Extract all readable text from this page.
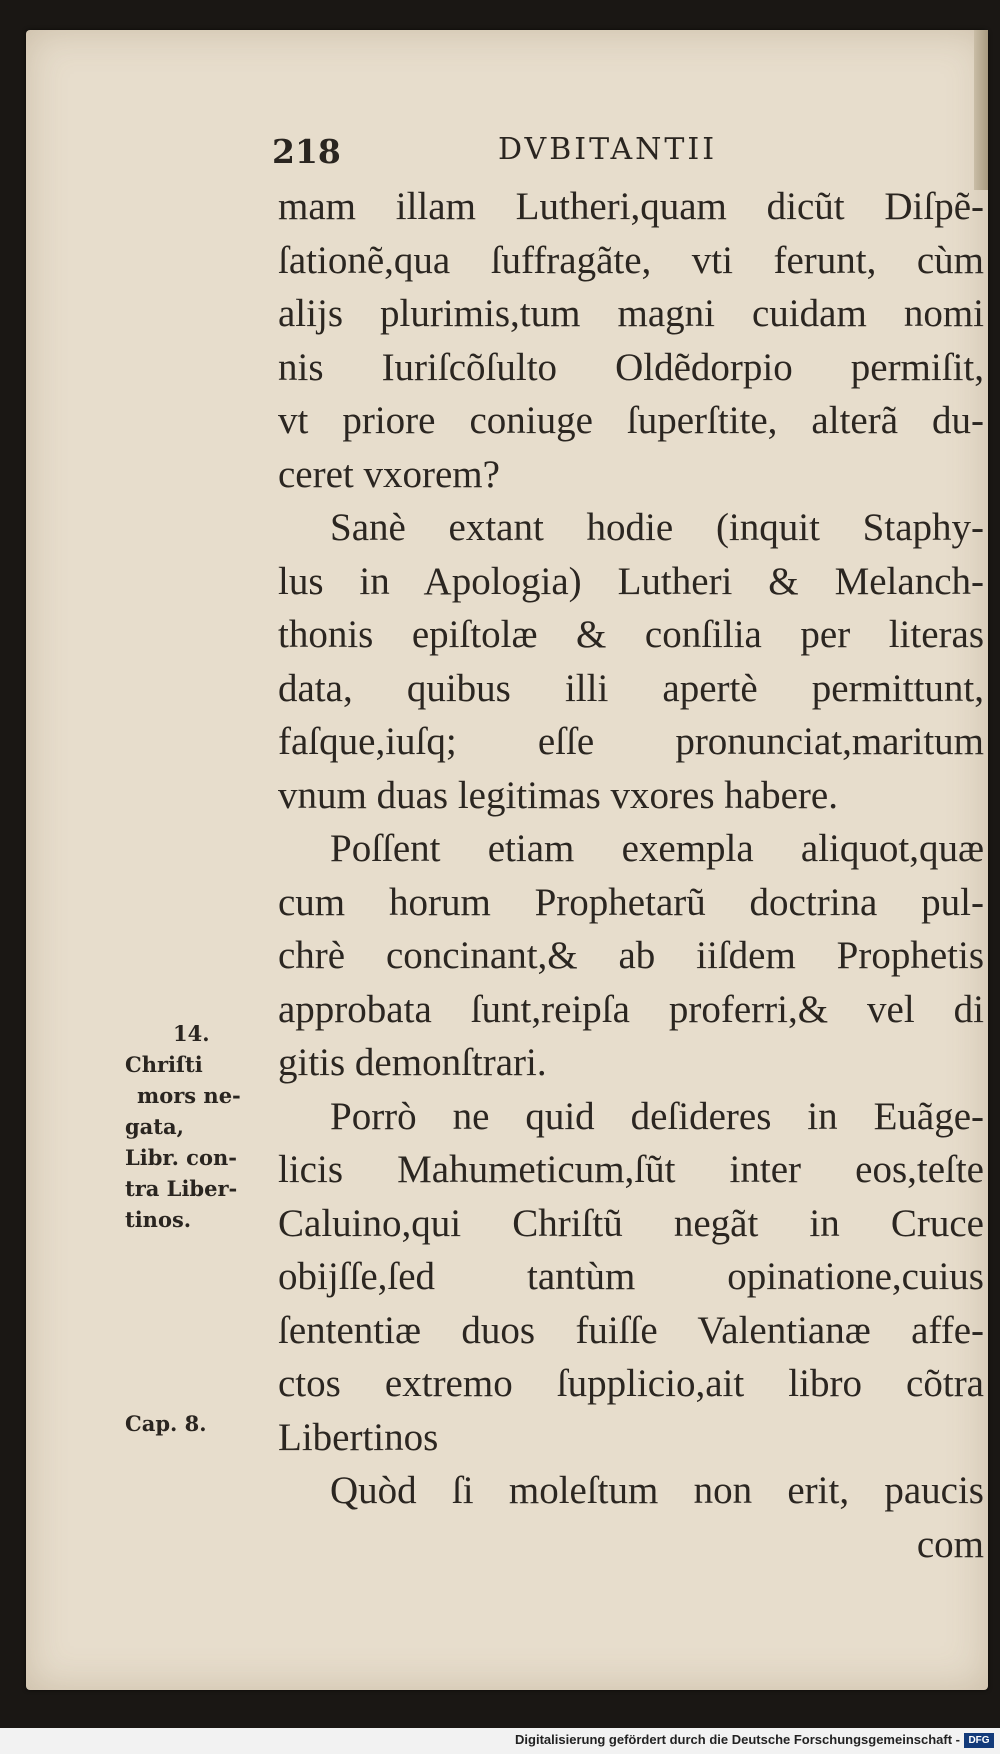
218	DVBITANTII
mam illam Lutheri,quam dicũt Diſpẽ-
ſationẽ,qua ſuffragãte, vti ferunt, cùm
alijs plurimis,tum magni cuidam nomi
nis Iuriſcõſulto Oldẽdorpio permiſit,
vt priore coniuge ſuperſtite, alterã du-
ceret vxorem?
Sanè extant hodie (inquit Staphy-
lus in Apologia) Lutheri & Melanch-
thonis epiſtolæ & conſilia per literas
data, quibus illi apertè permittunt,
faſque,iuſq; eſſe pronunciat,maritum
vnum duas legitimas vxores habere.
Poſſent etiam exempla aliquot,quæ
cum horum Prophetarũ doctrina pul-
chrè concinant,& ab iiſdem Prophetis
approbata ſunt,reipſa proferri,& vel di
gitis demonſtrari.
Porrò ne quid deſideres in Euãge-
licis Mahumeticum,ſũt inter eos,teſte
Caluino,qui Chriſtũ negãt in Cruce
obijſſe,ſed tantùm opinatione,cuius
ſententiæ duos fuiſſe Valentianæ affe-
ctos extremo ſupplicio,ait libro cõtra
Libertinos
Quòd ſi moleſtum non erit, paucis
com
14.
Chriſti
mors ne-
gata,
Libr. con-
tra Liber-
tinos.
Cap. 8.
Digitalisierung gefördert durch die Deutsche Forschungsgemeinschaft - DFG
